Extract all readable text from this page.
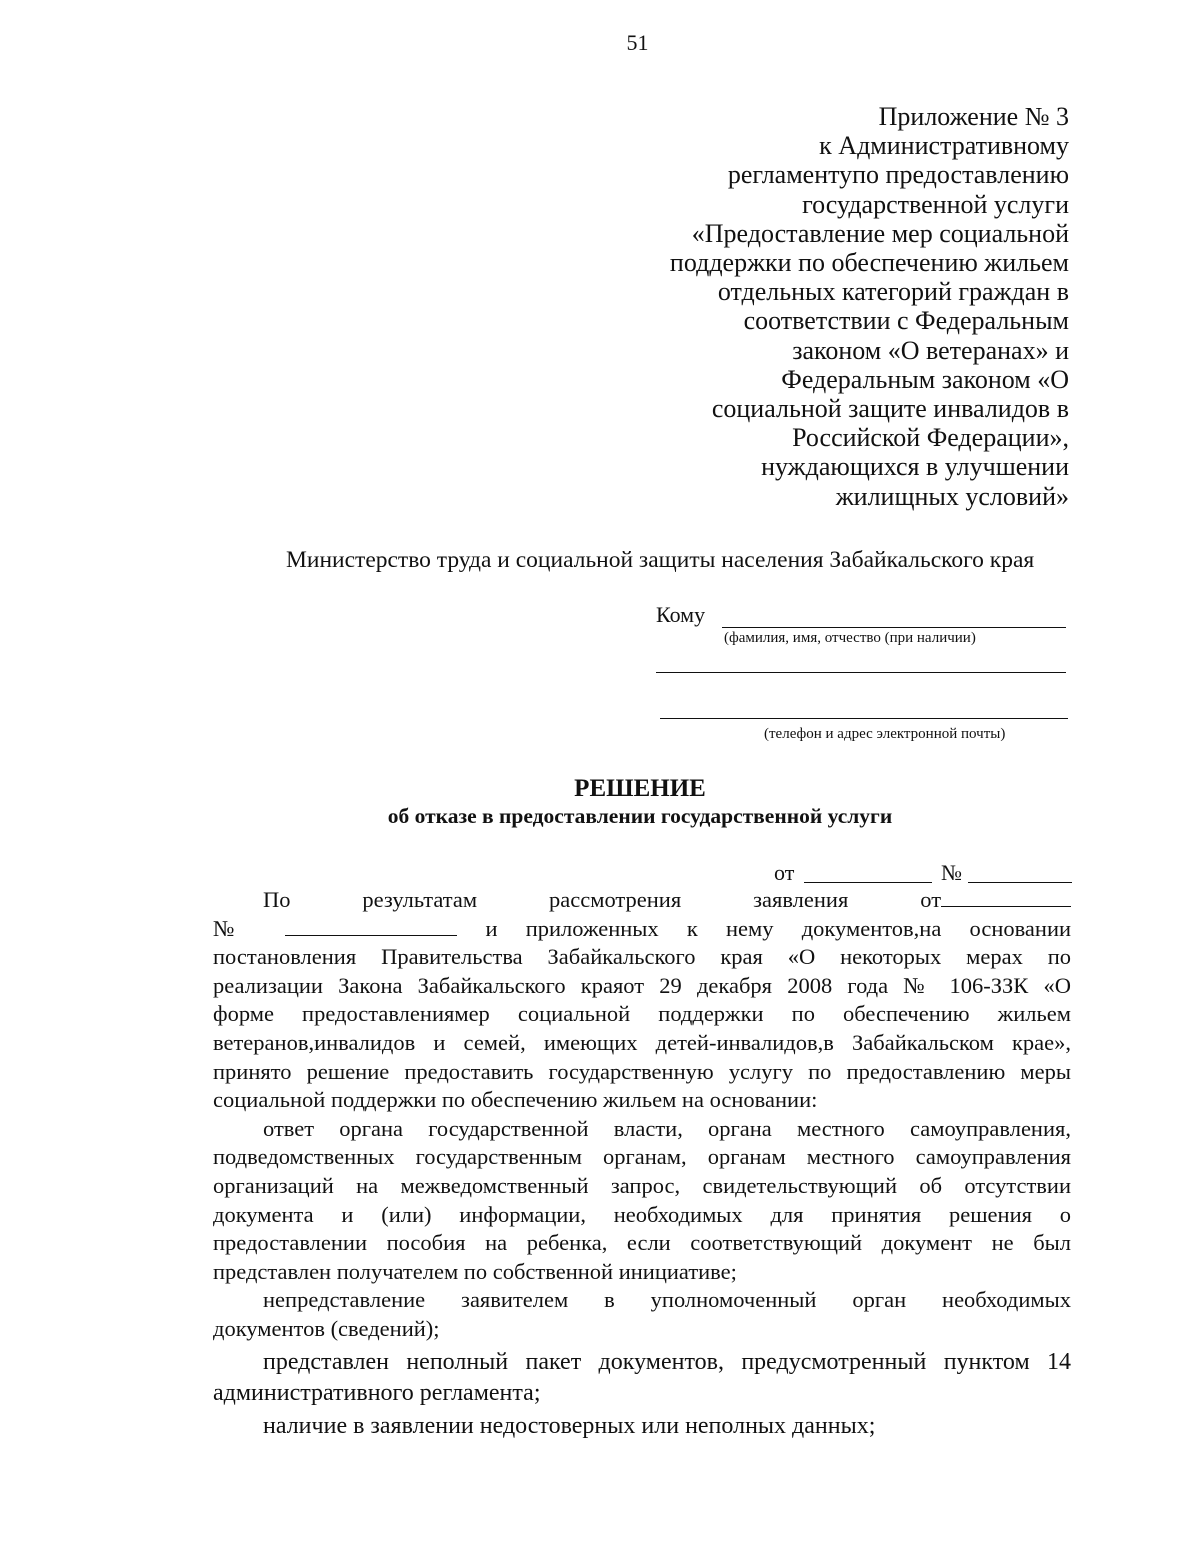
51
Приложение № 3
к Административному
регламентупо предоставлению
государственной услуги
«Предоставление мер социальной
поддержки по обеспечению жильем
отдельных категорий граждан в
соответствии с Федеральным
законом «О ветеранах» и
Федеральным законом «О
социальной защите инвалидов в
Российской Федерации»,
нуждающихся в улучшении
жилищных условий»
Министерство труда и социальной защиты населения Забайкальского края
Кому
(фамилия, имя, отчество (при наличии)
(телефон и адрес электронной почты)
РЕШЕНИЕ
об отказе в предоставлении государственной услуги
от	№
По	результатам	рассмотрения	заявления	от
№	и приложенных к нему документов,на основании
постановления Правительства Забайкальского края «О некоторых мерах по
реализации Закона Забайкальского краяот 29 декабря 2008 года № 106-ЗЗК «О
форме предоставлениямер социальной поддержки по обеспечению жильем
ветеранов,инвалидов и семей, имеющих детей-инвалидов,в Забайкальском крае»,
принято решение предоставить государственную услугу по предоставлению меры
социальной поддержки по обеспечению жильем на основании:
ответ органа государственной власти, органа местного самоуправления,
подведомственных государственным органам, органам местного самоуправления
организаций на межведомственный запрос, свидетельствующий об отсутствии
документа и (или) информации, необходимых для принятия решения о
предоставлении пособия на ребенка, если соответствующий документ не был
представлен получателем по собственной инициативе;
непредставление заявителем в уполномоченный орган необходимых
документов (сведений);
представлен неполный пакет документов, предусмотренный пунктом 14
административного регламента;
наличие в заявлении недостоверных или неполных данных;
